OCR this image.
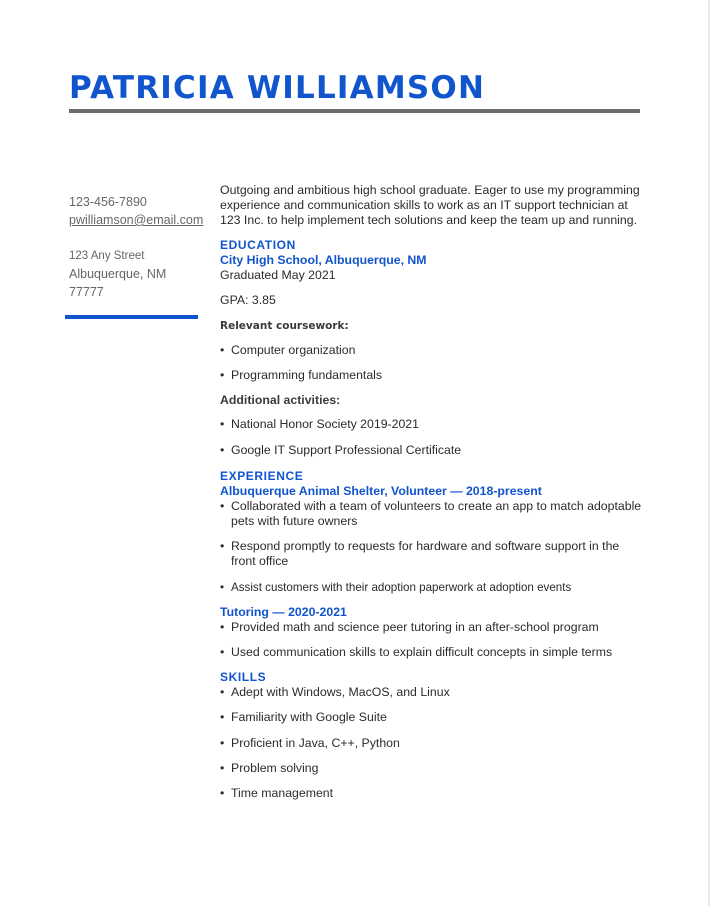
PATRICIA WILLIAMSON
123-456-7890
pwilliamson@email.com
123 Any Street
Albuquerque, NM
77777

Outgoing and ambitious high school graduate. Eager to use my programming experience and communication skills to work as an IT support technician at 123 Inc. to help implement tech solutions and keep the team up and running.

EDUCATION
City High School, Albuquerque, NM

Graduated May 2021

GPA: 3.85

Relevant coursework:
• Computer organization
• Programming fundamentals
Additional activities:
• National Honor Society 2019-2021
• Google IT Support Professional Certificate
EXPERIENCE
Albuquerque Animal Shelter, Volunteer — 2018-present
• Collaborated with a team of volunteers to create an app to match adoptable pets with future owners
• Respond promptly to requests for hardware and software support in the front office
• Assist customers with their adoption paperwork at adoption events
Tutoring — 2020-2021
• Provided math and science peer tutoring in an after-school program
• Used communication skills to explain difficult concepts in simple terms
SKILLS
• Adept with Windows, MacOS, and Linux
• Familiarity with Google Suite
• Proficient in Java, C++, Python
• Problem solving
• Time management
